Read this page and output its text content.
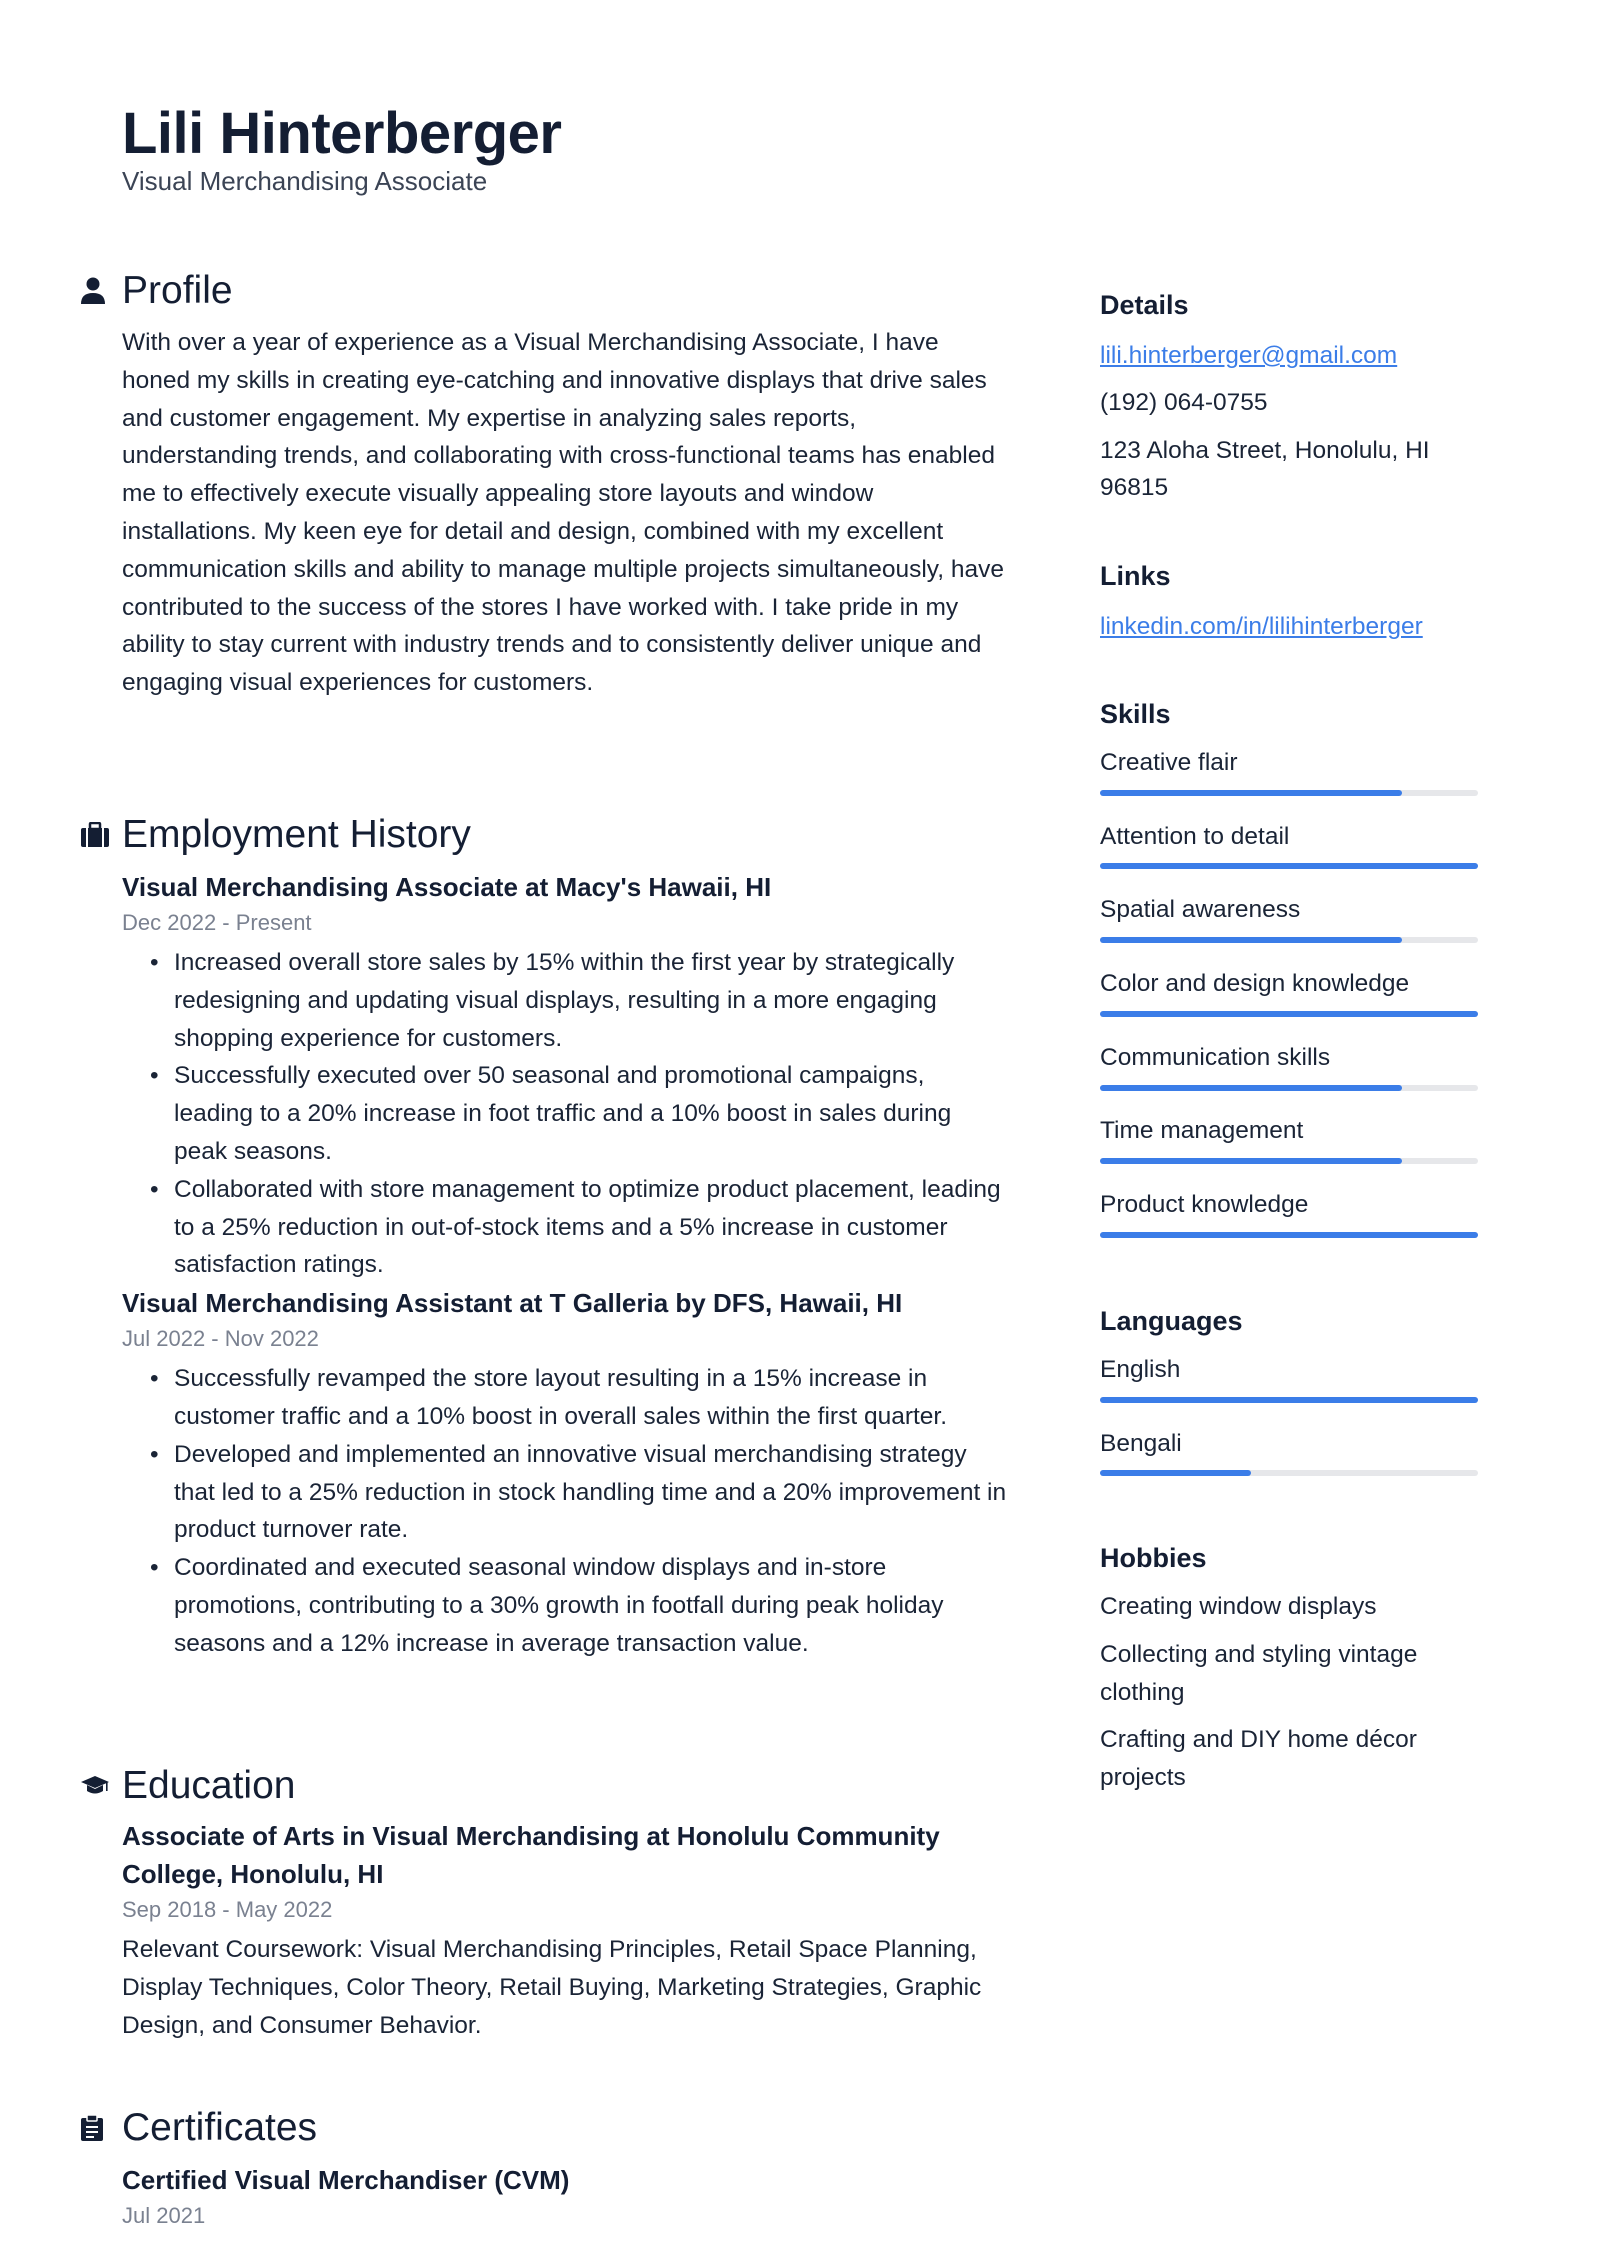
Lili Hinterberger
Visual Merchandising Associate
Profile
With over a year of experience as a Visual Merchandising Associate, I have honed my skills in creating eye-catching and innovative displays that drive sales and customer engagement. My expertise in analyzing sales reports, understanding trends, and collaborating with cross-functional teams has enabled me to effectively execute visually appealing store layouts and window installations. My keen eye for detail and design, combined with my excellent communication skills and ability to manage multiple projects simultaneously, have contributed to the success of the stores I have worked with. I take pride in my ability to stay current with industry trends and to consistently deliver unique and engaging visual experiences for customers.
Employment History
Visual Merchandising Associate at Macy's Hawaii, HI
Dec 2022 - Present
• Increased overall store sales by 15% within the first year by strategically redesigning and updating visual displays, resulting in a more engaging shopping experience for customers.
• Successfully executed over 50 seasonal and promotional campaigns, leading to a 20% increase in foot traffic and a 10% boost in sales during peak seasons.
• Collaborated with store management to optimize product placement, leading to a 25% reduction in out-of-stock items and a 5% increase in customer satisfaction ratings.
Visual Merchandising Assistant at T Galleria by DFS, Hawaii, HI
Jul 2022 - Nov 2022
• Successfully revamped the store layout resulting in a 15% increase in customer traffic and a 10% boost in overall sales within the first quarter.
• Developed and implemented an innovative visual merchandising strategy that led to a 25% reduction in stock handling time and a 20% improvement in product turnover rate.
• Coordinated and executed seasonal window displays and in-store promotions, contributing to a 30% growth in footfall during peak holiday seasons and a 12% increase in average transaction value.
Education
Associate of Arts in Visual Merchandising at Honolulu Community College, Honolulu, HI
Sep 2018 - May 2022
Relevant Coursework: Visual Merchandising Principles, Retail Space Planning, Display Techniques, Color Theory, Retail Buying, Marketing Strategies, Graphic Design, and Consumer Behavior.
Certificates
Certified Visual Merchandiser (CVM)
Jul 2021
Details
lili.hinterberger@gmail.com
(192) 064-0755
123 Aloha Street, Honolulu, HI
96815
Links
linkedin.com/in/lilihinterberger
Skills
Creative flair
Attention to detail
Spatial awareness
Color and design knowledge
Communication skills
Time management
Product knowledge
Languages
English
Bengali
Hobbies
Creating window displays
Collecting and styling vintage clothing
Crafting and DIY home décor projects
